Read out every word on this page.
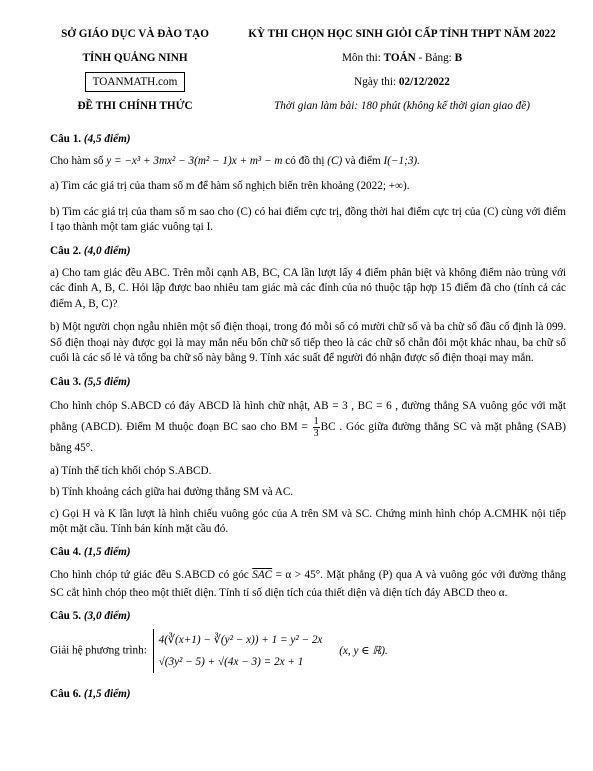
SỞ GIÁO DỤC VÀ ĐÀO TẠO
TỈNH QUẢNG NINH
TOANMATH.com
ĐỀ THI CHÍNH THỨC
KỲ THI CHỌN HỌC SINH GIỎI CẤP TỈNH THPT NĂM 2022
Môn thi: TOÁN - Bảng: B
Ngày thi: 02/12/2022
Thời gian làm bài: 180 phút (không kể thời gian giao đề)
Câu 1. (4,5 điểm)

Cho hàm số y = −x³ + 3mx² − 3(m² − 1)x + m³ − m có đồ thị (C) và điểm I(−1;3).

a) Tìm các giá trị của tham số m để hàm số nghịch biến trên khoảng (2022; +∞).

b) Tìm các giá trị của tham số m sao cho (C) có hai điểm cực trị, đồng thời hai điểm cực trị của (C) cùng với điểm I tạo thành một tam giác vuông tại I.

Câu 2. (4,0 điểm)

a) Cho tam giác đều ABC. Trên mỗi cạnh AB, BC, CA lần lượt lấy 4 điểm phân biệt và không điểm nào trùng với các đỉnh A, B, C. Hỏi lập được bao nhiêu tam giác mà các đỉnh của nó thuộc tập hợp 15 điểm đã cho (tính cả các điểm A, B, C)?

b) Một người chọn ngẫu nhiên một số điện thoại, trong đó mỗi số có mười chữ số và ba chữ số đầu cố định là 099. Số điện thoại này được gọi là may mắn nếu bốn chữ số tiếp theo là các chữ số chẵn đôi một khác nhau, ba chữ số cuối là các số lẻ và tổng ba chữ số này bằng 9. Tính xác suất để người đó nhận được số điện thoại may mắn.

Câu 3. (5,5 điểm)

Cho hình chóp S.ABCD có đáy ABCD là hình chữ nhật, AB = 3 , BC = 6 , đường thẳng SA vuông góc với mặt phẳng (ABCD). Điểm M thuộc đoạn BC sao cho BM = $\frac{1}{3}$ BC . Góc giữa đường thẳng SC và mặt phẳng (SAB) bằng 45°.

a) Tính thể tích khối chóp S.ABCD.

b) Tính khoảng cách giữa hai đường thẳng SM và AC.

c) Gọi H và K lần lượt là hình chiếu vuông góc của A trên SM và SC. Chứng minh hình chóp A.CMHK nội tiếp một mặt cầu. Tính bán kính mặt cầu đó.

Câu 4. (1,5 điểm)

Cho hình chóp tứ giác đều S.ABCD có góc $\overline{SAC} = \alpha > 45^\circ$. Mặt phẳng (P) qua A và vuông góc với đường thẳng SC cắt hình chóp theo một thiết diện. Tính tỉ số diện tích của thiết diện và diện tích đáy ABCD theo α.

Câu 5. (3,0 điểm)
Giải hệ phương trình:
4(∛(x+1) − ∛(y² − x)) + 1 = y² − 2x
√(3y² − 5) + √(4x − 3) = 2x + 1
(x, y ∈ ℝ).
Câu 6. (1,5 điểm)
